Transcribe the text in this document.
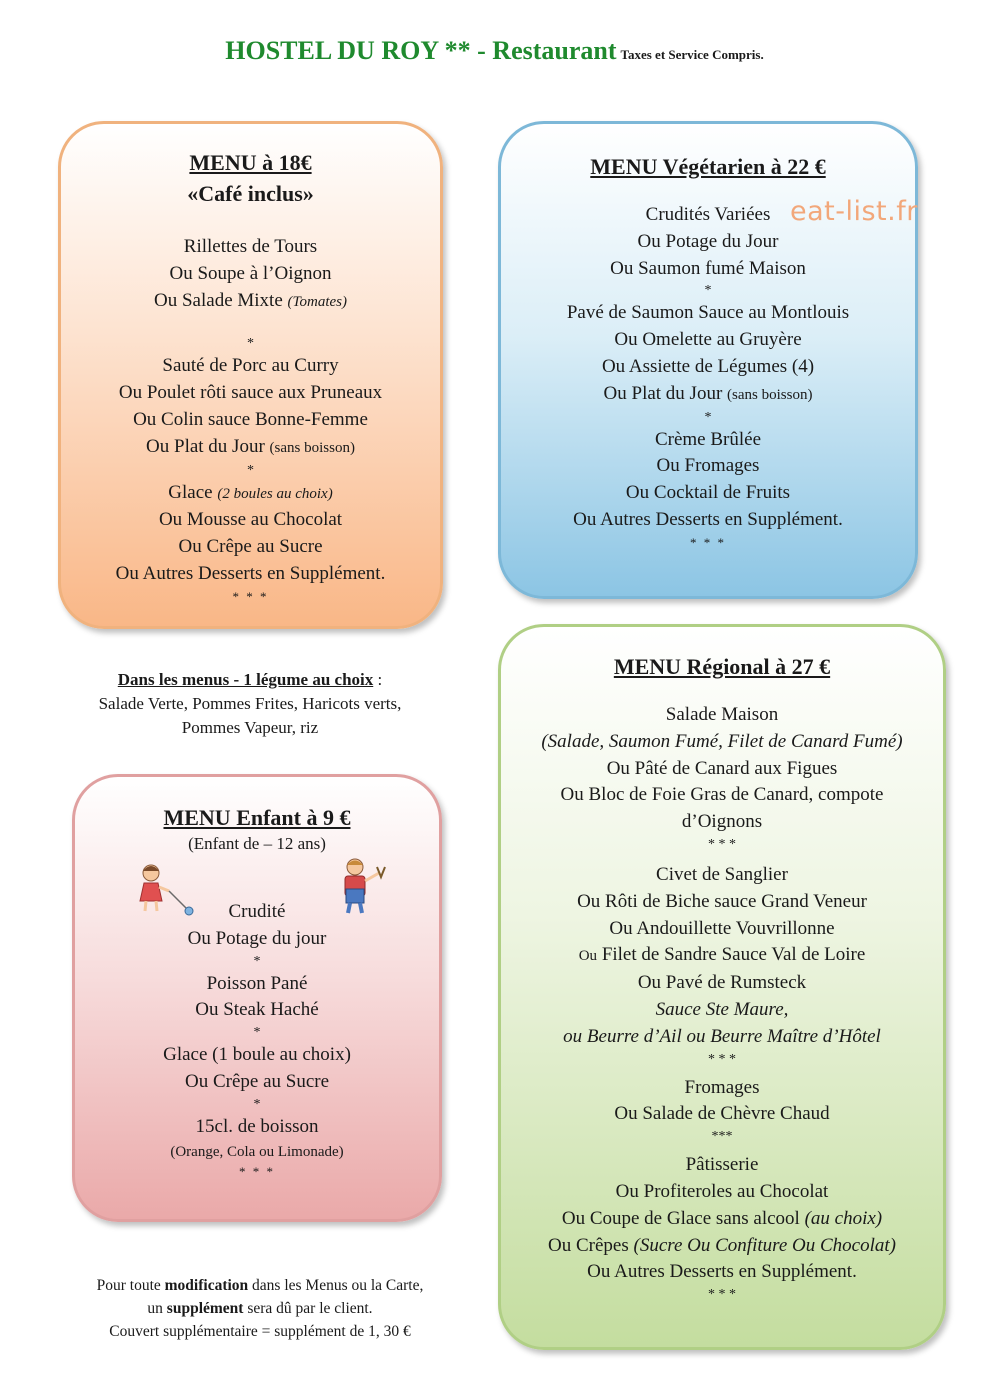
HOSTEL DU ROY ** - Restaurant Taxes et Service Compris.
MENU à 18€
«Café inclus»
Rillettes de Tours
Ou Soupe à l’Oignon
Ou Salade Mixte (Tomates)
*
Sauté de Porc au Curry
Ou Poulet rôti sauce aux Pruneaux
Ou Colin sauce Bonne-Femme
Ou Plat du Jour (sans boisson)
*
Glace (2 boules au choix)
Ou Mousse au Chocolat
Ou Crêpe au Sucre
Ou Autres Desserts en Supplément.
* * *
MENU Végétarien à 22 €
Crudités Variées
Ou Potage du Jour
Ou Saumon fumé Maison
*
Pavé de Saumon Sauce au Montlouis
Ou Omelette au Gruyère
Ou Assiette de Légumes (4)
Ou Plat du Jour (sans boisson)
*
Crème Brûlée
Ou Fromages
Ou Cocktail de Fruits
Ou Autres Desserts en Supplément.
* * *
eat-list.fr
Dans les menus - 1 légume au choix :
Salade Verte, Pommes Frites, Haricots verts,
Pommes Vapeur, riz
MENU Enfant à 9 €
(Enfant de – 12 ans)
Crudité
Ou Potage du jour
*
Poisson Pané
Ou Steak Haché
*
Glace (1 boule au choix)
Ou Crêpe au Sucre
*
15cl. de boisson
(Orange, Cola ou Limonade)
* * *
MENU Régional à 27 €
Salade Maison
(Salade, Saumon Fumé, Filet de Canard Fumé)
Ou Pâté de Canard aux Figues
Ou Bloc de Foie Gras de Canard, compote
d’Oignons
* * *
Civet de Sanglier
Ou Rôti de Biche sauce Grand Veneur
Ou Andouillette Vouvrillonne
Ou Filet de Sandre Sauce Val de Loire
Ou Pavé de Rumsteck
Sauce Ste Maure,
ou Beurre d’Ail ou Beurre Maître d’Hôtel
* * *
Fromages
Ou Salade de Chèvre Chaud
***
Pâtisserie
Ou Profiteroles au Chocolat
Ou Coupe de Glace sans alcool (au choix)
Ou Crêpes (Sucre Ou Confiture Ou Chocolat)
Ou Autres Desserts en Supplément.
* * *
Pour toute modification dans les Menus ou la Carte,
un supplément sera dû par le client.
Couvert supplémentaire = supplément de 1, 30 €
